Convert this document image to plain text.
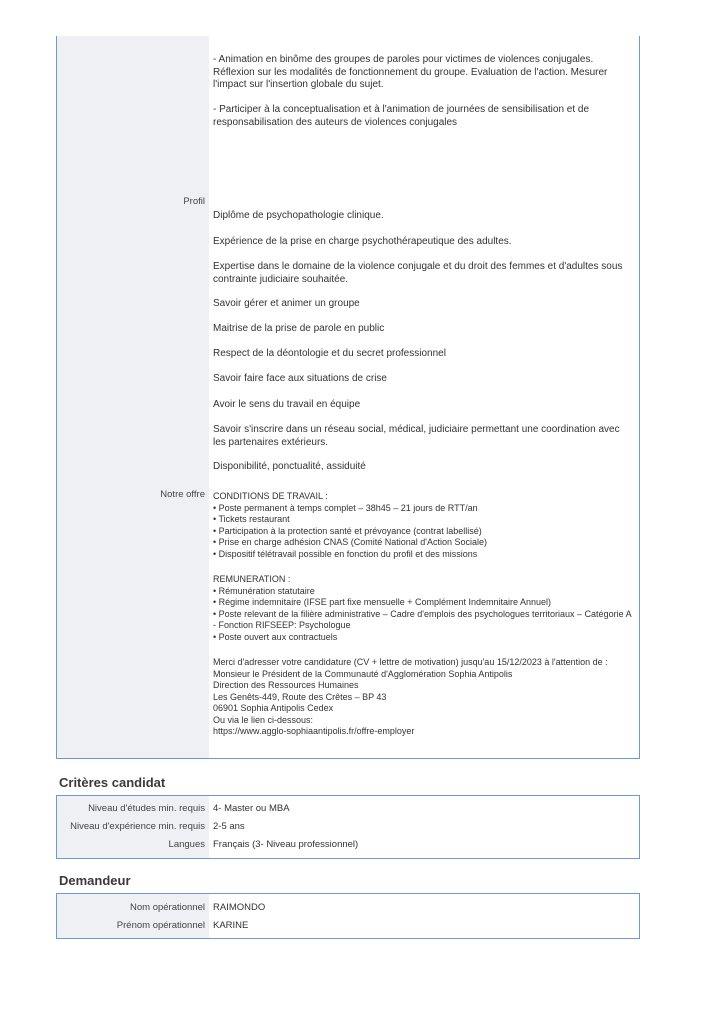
- Animation en binôme des groupes de paroles pour victimes de violences conjugales. Réflexion sur les modalités de fonctionnement du groupe. Evaluation de l'action. Mesurer l'impact sur l'insertion globale du sujet.
- Participer à la conceptualisation et à l'animation de journées de sensibilisation et de responsabilisation des auteurs de violences conjugales
Profil
Diplôme de psychopathologie clinique.
Expérience de la prise en charge psychothérapeutique des adultes.
Expertise dans le domaine de la violence conjugale et du droit des femmes et d'adultes sous contrainte judiciaire souhaitée.
Savoir gérer et animer un groupe
Maitrise de la prise de parole en public
Respect de la déontologie et du secret professionnel
Savoir faire face aux situations de crise
Avoir le sens du travail en équipe
Savoir s'inscrire dans un réseau social, médical, judiciaire permettant une coordination avec les partenaires extérieurs.
Disponibilité, ponctualité, assiduité
Notre offre CONDITIONS DE TRAVAIL :
• Poste permanent à temps complet – 38h45 – 21 jours de RTT/an
• Tickets restaurant
• Participation à la protection santé et prévoyance (contrat labellisé)
• Prise en charge adhésion CNAS (Comité National d'Action Sociale)
• Dispositif télétravail possible en fonction du profil et des missions
REMUNERATION :
• Rémunération statutaire
• Régime indemnitaire (IFSE part fixe mensuelle + Complément Indemnitaire Annuel)
• Poste relevant de la filière administrative – Cadre d'emplois des psychologues territoriaux – Catégorie A - Fonction RIFSEEP: Psychologue
• Poste ouvert aux contractuels
Merci d'adresser votre candidature (CV + lettre de motivation) jusqu'au 15/12/2023 à l'attention de :
Monsieur le Président de la Communauté d'Agglomération Sophia Antipolis
Direction des Ressources Humaines
Les Genêts-449, Route des Crêtes – BP 43
06901 Sophia Antipolis Cedex
Ou via le lien ci-dessous:
https://www.agglo-sophiaantipolis.fr/offre-employer
Critères candidat
Niveau d'études min. requis 4- Master ou MBA
Niveau d'expérience min. requis 2-5 ans
Langues Français (3- Niveau professionnel)
Demandeur
Nom opérationnel RAIMONDO
Prénom opérationnel KARINE
